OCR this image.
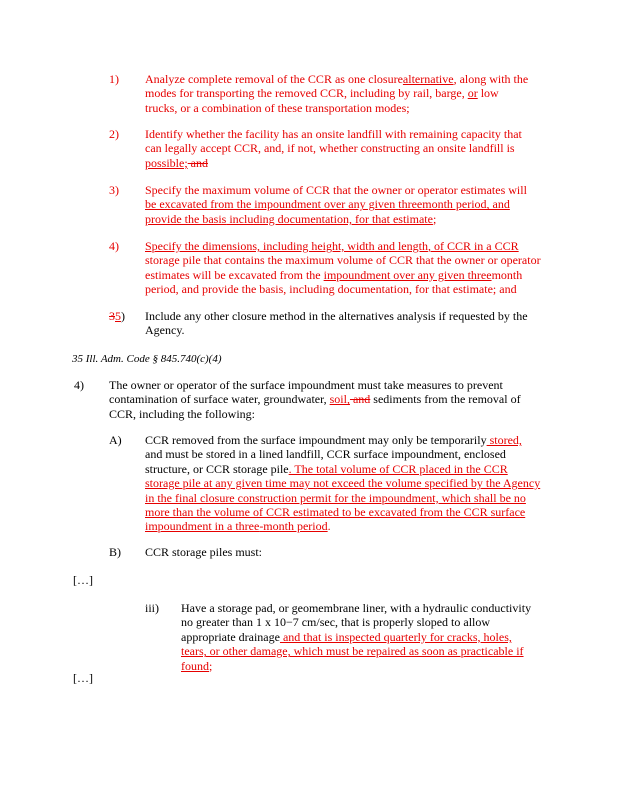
1) Analyze complete removal of the CCR as one closurealternative, along with the
modes for transporting the removed CCR, including by rail, barge, or low
trucks, or a combination of these transportation modes;
2) Identify whether the facility has an onsite landfill with remaining capacity that
can legally accept CCR, and, if not, whether constructing an onsite landfill is
possible; and
3) Specify the maximum volume of CCR that the owner or operator estimates will
be excavated from the impoundment over any given threemonth period, and
provide the basis including documentation, for that estimate;
4) Specify the dimensions, including height, width and length, of CCR in a CCR
storage pile that contains the maximum volume of CCR that the owner or operator
estimates will be excavated from the impoundment over any given threemonth
period, and provide the basis, including documentation, for that estimate; and
35) Include any other closure method in the alternatives analysis if requested by the
Agency.
35 Ill. Adm. Code § 845.740(c)(4)
4) The owner or operator of the surface impoundment must take measures to prevent
contamination of surface water, groundwater, soil, and sediments from the removal of
CCR, including the following:
A) CCR removed from the surface impoundment may only be temporarily stored,
and must be stored in a lined landfill, CCR surface impoundment, enclosed
structure, or CCR storage pile. The total volume of CCR placed in the CCR
storage pile at any given time may not exceed the volume specified by the Agency
in the final closure construction permit for the impoundment, which shall be no
more than the volume of CCR estimated to be excavated from the CCR surface
impoundment in a three-month period.
B) CCR storage piles must:
[…]
iii) Have a storage pad, or geomembrane liner, with a hydraulic conductivity
no greater than 1 x 10−7 cm/sec, that is properly sloped to allow
appropriate drainage and that is inspected quarterly for cracks, holes,
tears, or other damage, which must be repaired as soon as practicable if
found;
[…]
